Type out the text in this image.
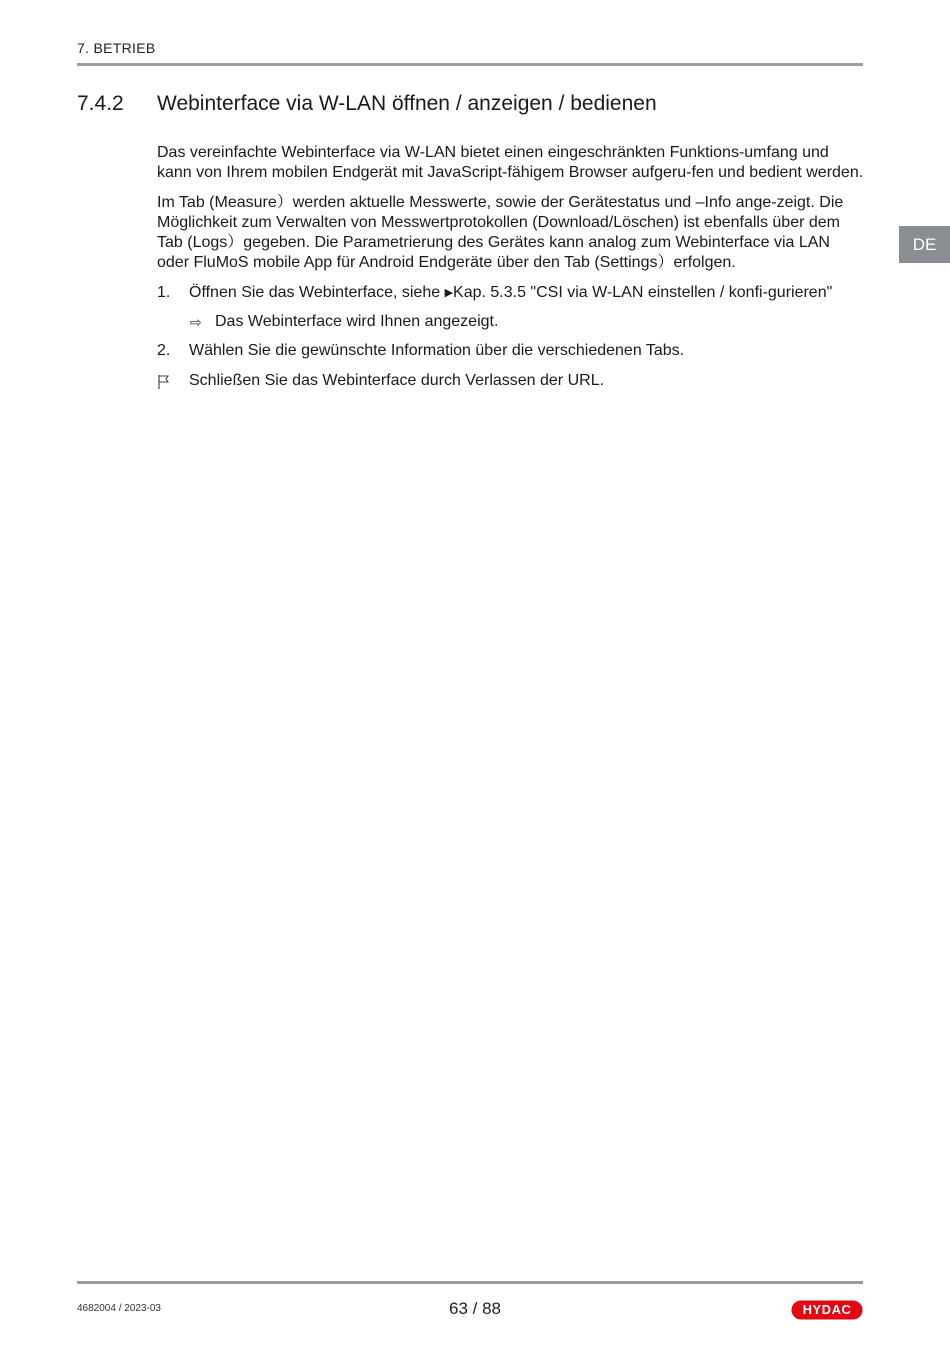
7. BETRIEB
7.4.2	Webinterface via W-LAN öffnen / anzeigen / bedienen

Das vereinfachte Webinterface via W-LAN bietet einen eingeschränkten Funktions-umfang und kann von Ihrem mobilen Endgerät mit JavaScript-fähigem Browser aufgeru-fen und bedient werden.

Im Tab (Measure）werden aktuelle Messwerte, sowie der Gerätestatus und –Info ange-zeigt. Die Möglichkeit zum Verwalten von Messwertprotokollen (Download/Löschen) ist ebenfalls über dem Tab (Logs）gegeben. Die Parametrierung des Gerätes kann analog zum Webinterface via LAN oder FluMoS mobile App für Android Endgeräte über den Tab (Settings）erfolgen.

1. Öffnen Sie das Webinterface, siehe ▶Kap. 5.3.5 "CSI via W-LAN einstellen / konfi-gurieren"
⇨ Das Webinterface wird Ihnen angezeigt.
2. Wählen Sie die gewünschte Information über die verschiedenen Tabs.
Schließen Sie das Webinterface durch Verlassen der URL.
DE
4682004 / 2023-03	63 / 88	HYDAC
